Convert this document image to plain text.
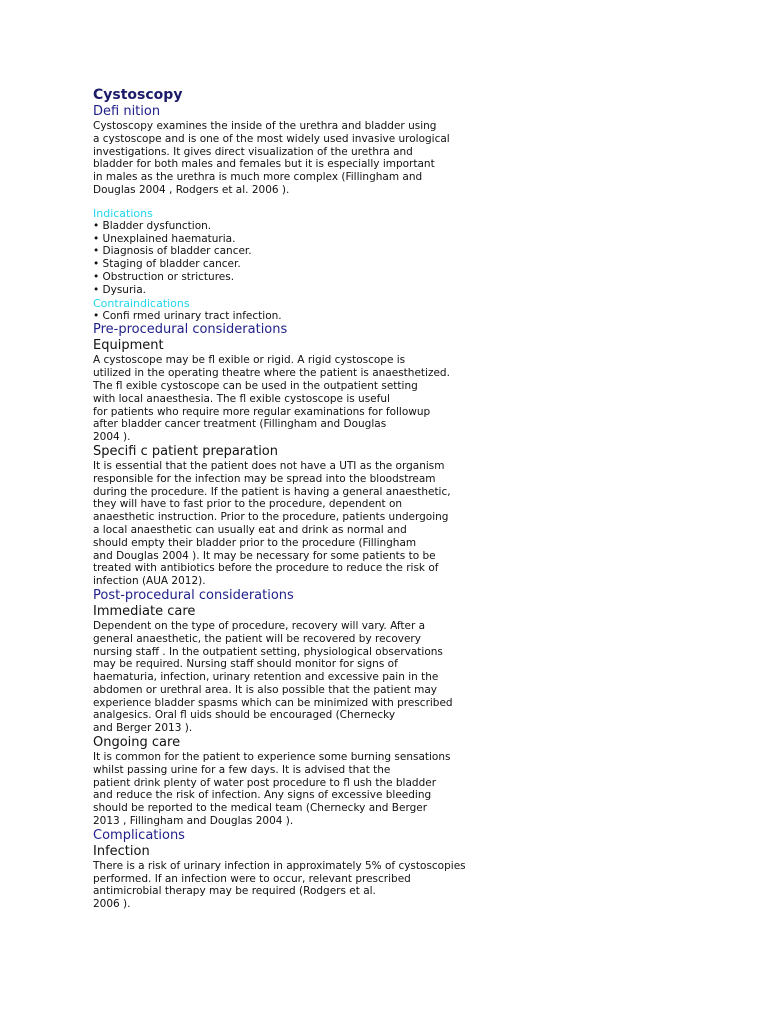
Cystoscopy
Defi nition
Cystoscopy examines the inside of the urethra and bladder using
a cystoscope and is one of the most widely used invasive urological
investigations. It gives direct visualization of the urethra and
bladder for both males and females but it is especially important
in males as the urethra is much more complex (Fillingham and
Douglas 2004 , Rodgers et al. 2006 ).
Indications
• Bladder dysfunction.
• Unexplained haematuria.
• Diagnosis of bladder cancer.
• Staging of bladder cancer.
• Obstruction or strictures.
• Dysuria.
Contraindications
• Confi rmed urinary tract infection.
Pre-procedural considerations
Equipment
A cystoscope may be fl exible or rigid. A rigid cystoscope is
utilized in the operating theatre where the patient is anaesthetized.
The fl exible cystoscope can be used in the outpatient setting
with local anaesthesia. The fl exible cystoscope is useful
for patients who require more regular examinations for followup
after bladder cancer treatment (Fillingham and Douglas
2004 ).
Specifi c patient preparation
It is essential that the patient does not have a UTI as the organism
responsible for the infection may be spread into the bloodstream
during the procedure. If the patient is having a general anaesthetic,
they will have to fast prior to the procedure, dependent on
anaesthetic instruction. Prior to the procedure, patients undergoing
a local anaesthetic can usually eat and drink as normal and
should empty their bladder prior to the procedure (Fillingham
and Douglas 2004 ). It may be necessary for some patients to be
treated with antibiotics before the procedure to reduce the risk of
infection (AUA 2012).
Post-procedural considerations
Immediate care
Dependent on the type of procedure, recovery will vary. After a
general anaesthetic, the patient will be recovered by recovery
nursing staff . In the outpatient setting, physiological observations
may be required. Nursing staff should monitor for signs of
haematuria, infection, urinary retention and excessive pain in the
abdomen or urethral area. It is also possible that the patient may
experience bladder spasms which can be minimized with prescribed
analgesics. Oral fl uids should be encouraged (Chernecky
and Berger 2013 ).
Ongoing care
It is common for the patient to experience some burning sensations
whilst passing urine for a few days. It is advised that the
patient drink plenty of water post procedure to fl ush the bladder
and reduce the risk of infection. Any signs of excessive bleeding
should be reported to the medical team (Chernecky and Berger
2013 , Fillingham and Douglas 2004 ).
Complications
Infection
There is a risk of urinary infection in approximately 5% of cystoscopies
performed. If an infection were to occur, relevant prescribed
antimicrobial therapy may be required (Rodgers et al.
2006 ).
